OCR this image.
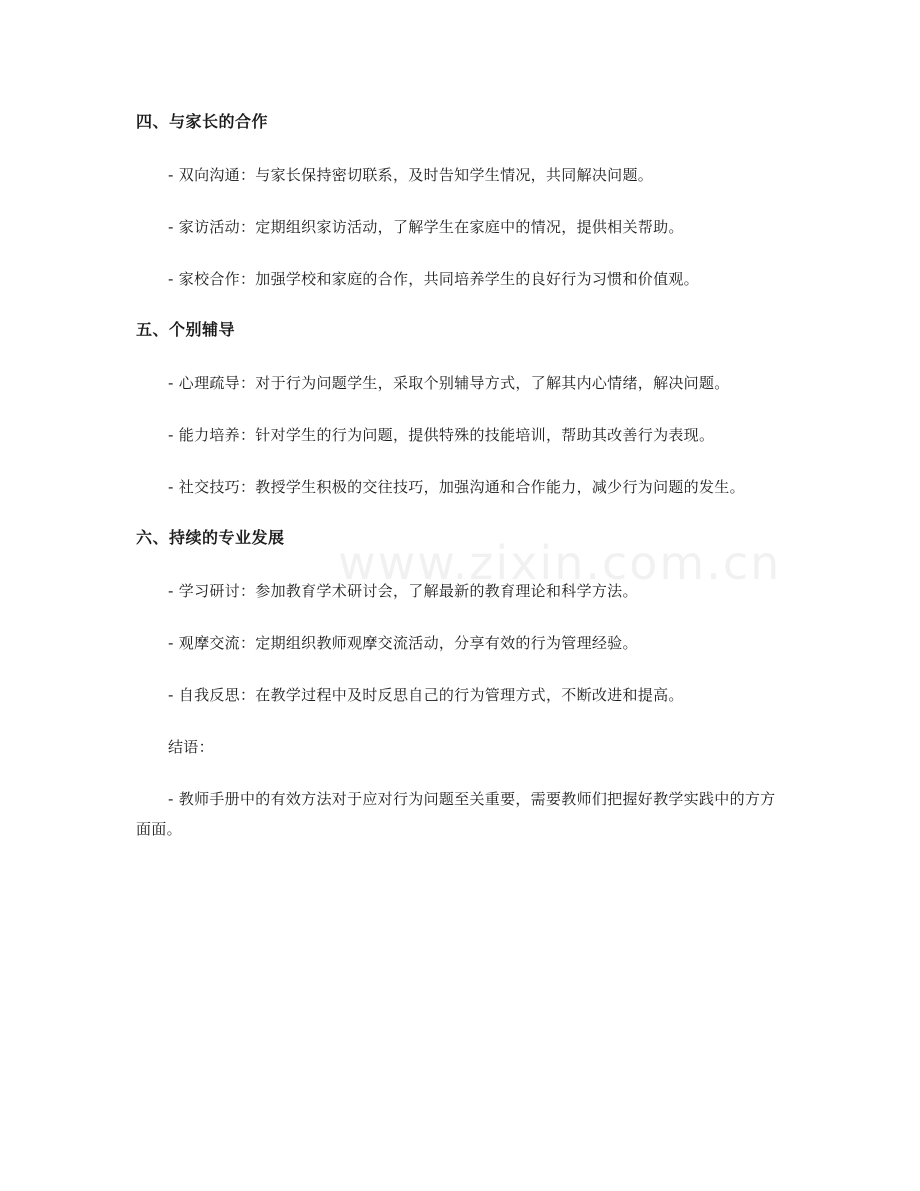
www.zixin.com.cn

四、与家长的合作

- 双向沟通：与家长保持密切联系，及时告知学生情况，共同解决问题。

- 家访活动：定期组织家访活动，了解学生在家庭中的情况，提供相关帮助。

- 家校合作：加强学校和家庭的合作，共同培养学生的良好行为习惯和价值观。

五、个别辅导

- 心理疏导：对于行为问题学生，采取个别辅导方式，了解其内心情绪，解决问题。

- 能力培养：针对学生的行为问题，提供特殊的技能培训，帮助其改善行为表现。

- 社交技巧：教授学生积极的交往技巧，加强沟通和合作能力，减少行为问题的发生。

六、持续的专业发展

- 学习研讨：参加教育学术研讨会，了解最新的教育理论和科学方法。

- 观摩交流：定期组织教师观摩交流活动，分享有效的行为管理经验。

- 自我反思：在教学过程中及时反思自己的行为管理方式，不断改进和提高。

结语：

- 教师手册中的有效方法对于应对行为问题至关重要，需要教师们把握好教学实践中的方方面面。
